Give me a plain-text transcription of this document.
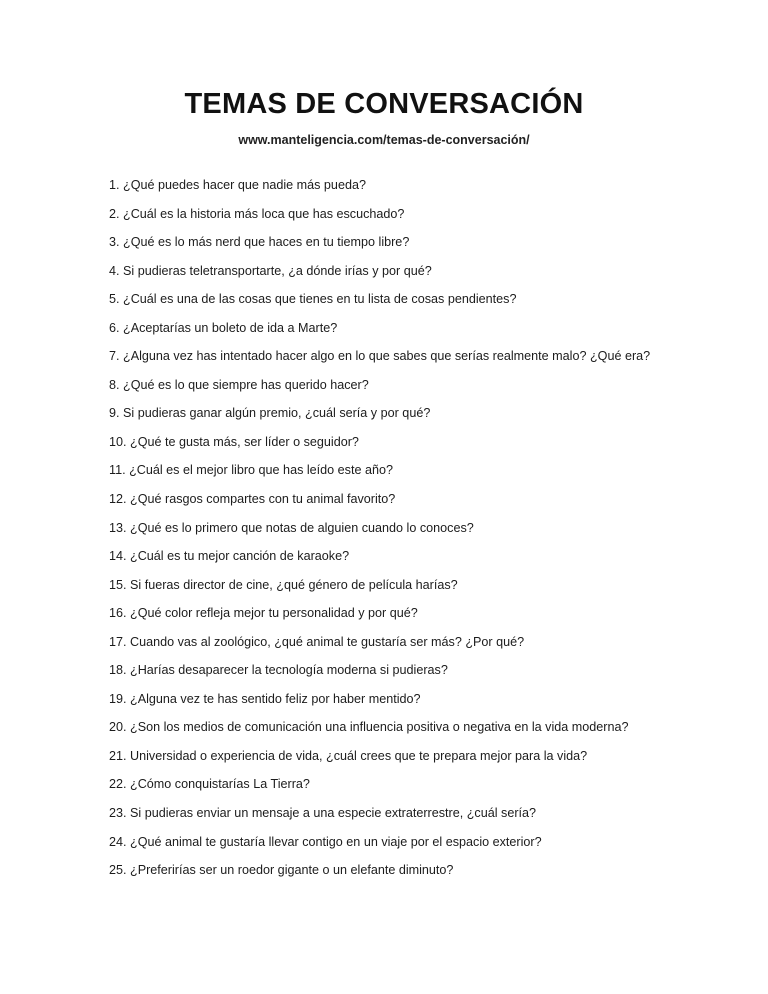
TEMAS DE CONVERSACIÓN
www.manteligencia.com/temas-de-conversación/
1. ¿Qué puedes hacer que nadie más pueda?
2. ¿Cuál es la historia más loca que has escuchado?
3. ¿Qué es lo más nerd que haces en tu tiempo libre?
4. Si pudieras teletransportarte, ¿a dónde irías y por qué?
5. ¿Cuál es una de las cosas que tienes en tu lista de cosas pendientes?
6. ¿Aceptarías un boleto de ida a Marte?
7. ¿Alguna vez has intentado hacer algo en lo que sabes que serías realmente malo? ¿Qué era?
8. ¿Qué es lo que siempre has querido hacer?
9. Si pudieras ganar algún premio, ¿cuál sería y por qué?
10. ¿Qué te gusta más, ser líder o seguidor?
11. ¿Cuál es el mejor libro que has leído este año?
12. ¿Qué rasgos compartes con tu animal favorito?
13. ¿Qué es lo primero que notas de alguien cuando lo conoces?
14. ¿Cuál es tu mejor canción de karaoke?
15. Si fueras director de cine, ¿qué género de película harías?
16. ¿Qué color refleja mejor tu personalidad y por qué?
17. Cuando vas al zoológico, ¿qué animal te gustaría ser más? ¿Por qué?
18. ¿Harías desaparecer la tecnología moderna si pudieras?
19. ¿Alguna vez te has sentido feliz por haber mentido?
20. ¿Son los medios de comunicación una influencia positiva o negativa en la vida moderna?
21. Universidad o experiencia de vida, ¿cuál crees que te prepara mejor para la vida?
22. ¿Cómo conquistarías La Tierra?
23. Si pudieras enviar un mensaje a una especie extraterrestre, ¿cuál sería?
24. ¿Qué animal te gustaría llevar contigo en un viaje por el espacio exterior?
25. ¿Preferirías ser un roedor gigante o un elefante diminuto?
